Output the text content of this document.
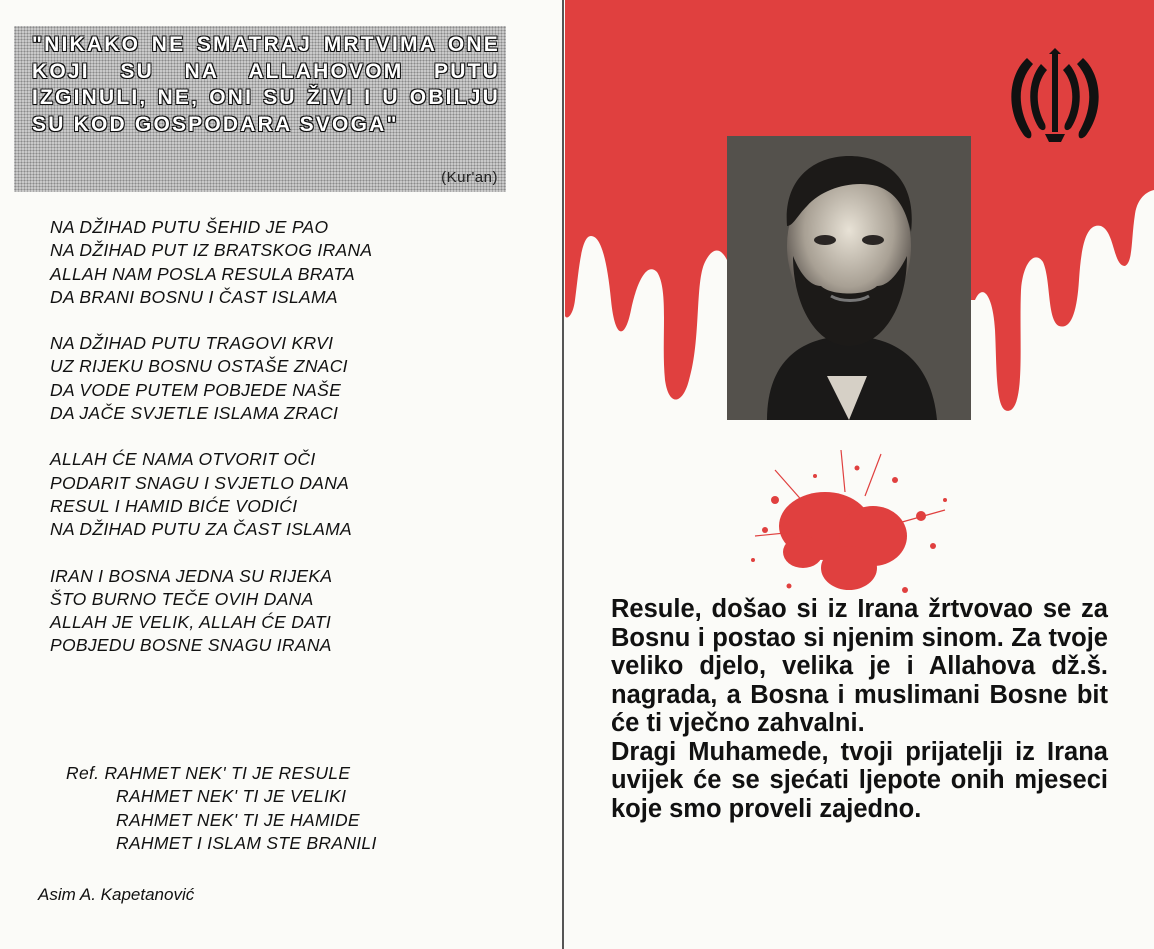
"NIKAKO NE SMATRAJ MRTVIMA ONE KOJI SU NA ALLAHOVOM PUTU IZGINULI, NE, ONI SU ŽIVI I U OBILJU SU KOD GOSPODARA SVOGA"
(Kur'an)
NA DŽIHAD PUTU ŠEHID JE PAO
NA DŽIHAD PUT IZ BRATSKOG IRANA
ALLAH NAM POSLA RESULA BRATA
DA BRANI BOSNU I ČAST ISLAMA
NA DŽIHAD PUTU TRAGOVI KRVI
UZ RIJEKU BOSNU OSTAŠE ZNACI
DA VODE PUTEM POBJEDE NAŠE
DA JAČE SVJETLE ISLAMA ZRACI
ALLAH ĆE NAMA OTVORIT OČI
PODARIT SNAGU I SVJETLO DANA
RESUL I HAMID BIĆE VODIĆI
NA DŽIHAD PUTU ZA ČAST ISLAMA
IRAN I BOSNA JEDNA SU RIJEKA
ŠTO BURNO TEČE OVIH DANA
ALLAH JE VELIK, ALLAH ĆE DATI
POBJEDU BOSNE SNAGU IRANA
Ref. RAHMET NEK' TI JE RESULE
RAHMET NEK' TI JE VELIKI
RAHMET NEK' TI JE HAMIDE
RAHMET I ISLAM STE BRANILI
Asim A. Kapetanović

Resule, došao si iz Irana žrtvovao se za Bosnu i postao si njenim sinom. Za tvoje veliko djelo, velika je i Allahova dž.š. nagrada, a Bosna i muslimani Bosne bit će ti vječno zahvalni.

Dragi Muhamede, tvoji prijatelji iz Irana uvijek će se sjećati ljepote onih mjeseci koje smo proveli zajedno.
